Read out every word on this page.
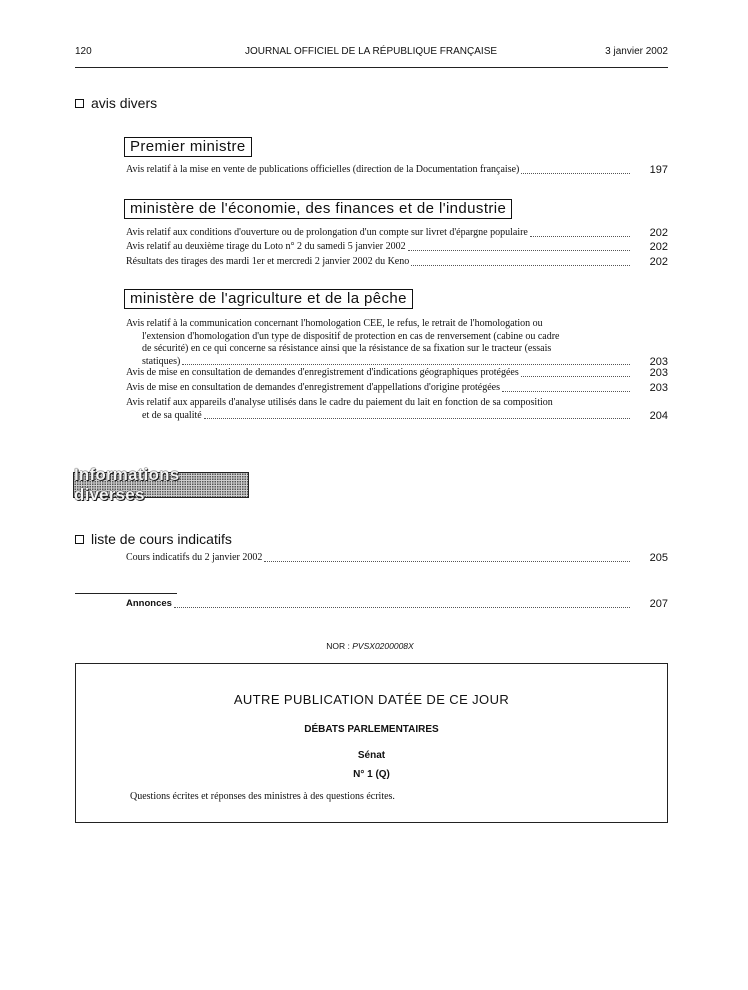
120	JOURNAL OFFICIEL DE LA RÉPUBLIQUE FRANÇAISE	3 janvier 2002
avis divers
Premier ministre
Avis relatif à la mise en vente de publications officielles (direction de la Documentation française)	197
ministère de l'économie, des finances et de l'industrie
Avis relatif aux conditions d'ouverture ou de prolongation d'un compte sur livret d'épargne populaire	202
Avis relatif au deuxième tirage du Loto n° 2 du samedi 5 janvier 2002	202
Résultats des tirages des mardi 1er et mercredi 2 janvier 2002 du Keno	202
ministère de l'agriculture et de la pêche
Avis relatif à la communication concernant l'homologation CEE, le refus, le retrait de l'homologation ou
l'extension d'homologation d'un type de dispositif de protection en cas de renversement (cabine ou cadre
de sécurité) en ce qui concerne sa résistance ainsi que la résistance de sa fixation sur le tracteur (essais
statiques)	203
Avis de mise en consultation de demandes d'enregistrement d'indications géographiques protégées	203
Avis de mise en consultation de demandes d'enregistrement d'appellations d'origine protégées	203
Avis relatif aux appareils d'analyse utilisés dans le cadre du paiement du lait en fonction de sa composition
et de sa qualité	204
Informations diverses
liste de cours indicatifs
Cours indicatifs du 2 janvier 2002	205
Annonces	207
NOR : PVSX0200008X
AUTRE PUBLICATION DATÉE DE CE JOUR
DÉBATS PARLEMENTAIRES
Sénat
N° 1 (Q)
Questions écrites et réponses des ministres à des questions écrites.
